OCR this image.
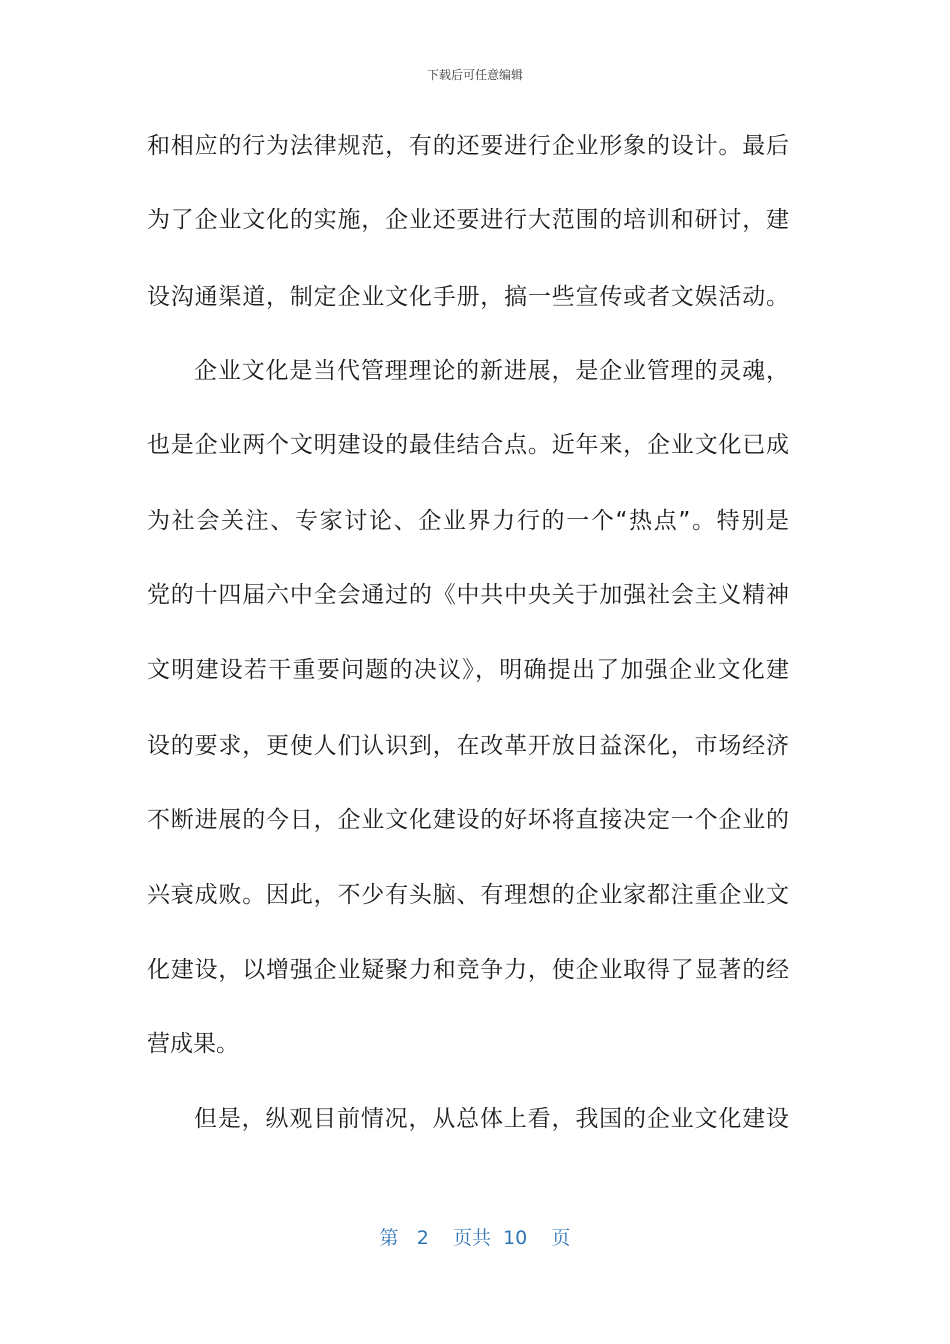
下载后可任意编辑
和相应的行为法律规范，有的还要进行企业形象的设计。最后
为了企业文化的实施，企业还要进行大范围的培训和研讨，建
设沟通渠道，制定企业文化手册，搞一些宣传或者文娱活动。
企业文化是当代管理理论的新进展，是企业管理的灵魂，
也是企业两个文明建设的最佳结合点。近年来，企业文化已成
为社会关注、专家讨论、企业界力行的一个“热点”。特别是
党的十四届六中全会通过的《中共中央关于加强社会主义精神
文明建设若干重要问题的决议》，明确提出了加强企业文化建
设的要求，更使人们认识到，在改革开放日益深化，市场经济
不断进展的今日，企业文化建设的好坏将直接决定一个企业的
兴衰成败。因此，不少有头脑、有理想的企业家都注重企业文
化建设，以增强企业疑聚力和竞争力，使企业取得了显著的经
营成果。
但是，纵观目前情况，从总体上看，我国的企业文化建设
第 2 页共 10 页
